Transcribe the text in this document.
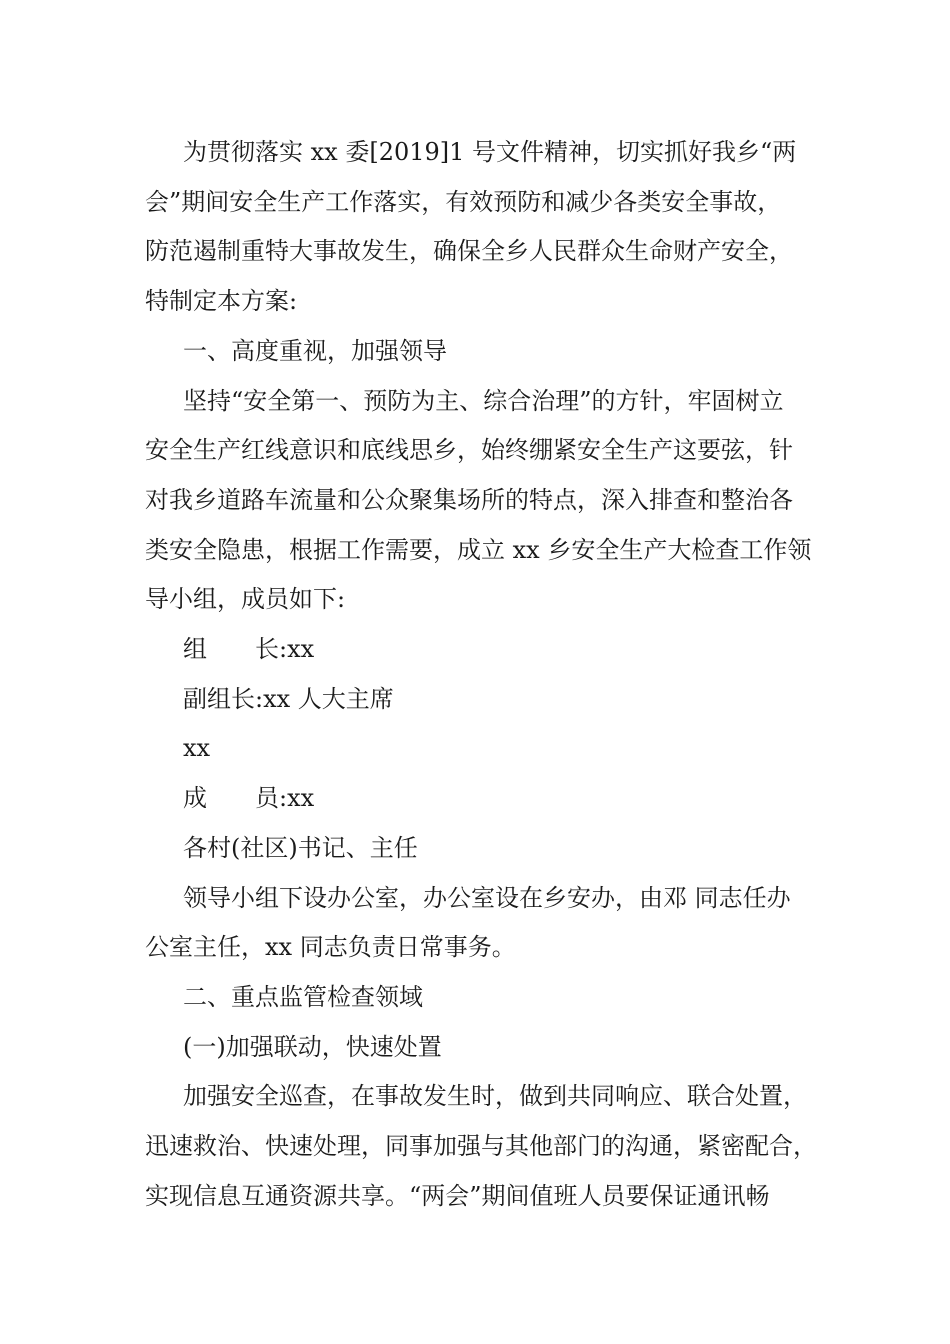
为贯彻落实 xx 委[2019]1 号文件精神，切实抓好我乡“两

会”期间安全生产工作落实，有效预防和减少各类安全事故，

防范遏制重特大事故发生，确保全乡人民群众生命财产安全，

特制定本方案:

一、高度重视，加强领导

坚持“安全第一、预防为主、综合治理”的方针，牢固树立

安全生产红线意识和底线思乡，始终绷紧安全生产这要弦，针

对我乡道路车流量和公众聚集场所的特点，深入排查和整治各

类安全隐患，根据工作需要，成立 xx 乡安全生产大检查工作领

导小组，成员如下:

组　　长:xx

副组长:xx 人大主席

xx

成　　员:xx

各村(社区)书记、主任

领导小组下设办公室，办公室设在乡安办，由邓 同志任办

公室主任，xx 同志负责日常事务。

二、重点监管检查领域

(一)加强联动，快速处置

加强安全巡查，在事故发生时，做到共同响应、联合处置，

迅速救治、快速处理，同事加强与其他部门的沟通，紧密配合，

实现信息互通资源共享。“两会”期间值班人员要保证通讯畅
